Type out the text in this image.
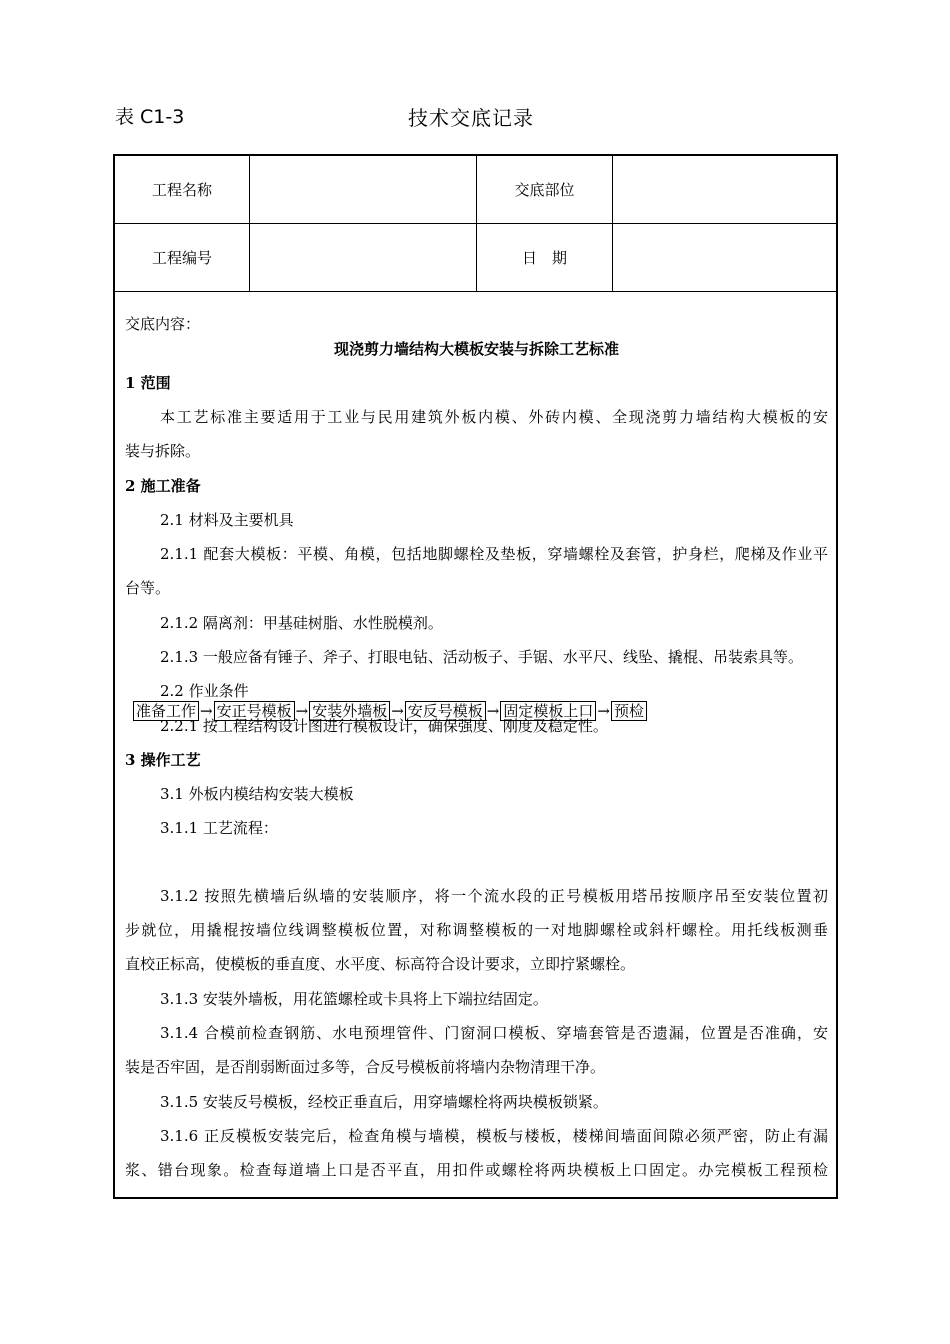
表 C1-3	技术交底记录
工程名称	交底部位
工程编号	日　期
交底内容：
现浇剪力墙结构大模板安装与拆除工艺标准
1 范围
本工艺标准主要适用于工业与民用建筑外板内模、外砖内模、全现浇剪力墙结构大模板的安
装与拆除。
2 施工准备
2.1 材料及主要机具
2.1.1 配套大模板：平模、角模，包括地脚螺栓及垫板，穿墙螺栓及套管，护身栏，爬梯及作业平
台等。
2.1.2 隔离剂：甲基硅树脂、水性脱模剂。
2.1.3 一般应备有锤子、斧子、打眼电钻、活动板子、手锯、水平尺、线坠、撬棍、吊装索具等。
2.2 作业条件
2.2.1 按工程结构设计图进行模板设计，确保强度、刚度及稳定性。
3 操作工艺
3.1 外板内模结构安装大模板
3.1.1 工艺流程：
准备工作 → 安正号模板 → 安装外墙板 → 安反号模板 → 固定模板上口 → 预检
3.1.2 按照先横墙后纵墙的安装顺序，将一个流水段的正号模板用塔吊按顺序吊至安装位置初
步就位，用撬棍按墙位线调整模板位置，对称调整模板的一对地脚螺栓或斜杆螺栓。用托线板测垂
直校正标高，使模板的垂直度、水平度、标高符合设计要求，立即拧紧螺栓。
3.1.3 安装外墙板，用花篮螺栓或卡具将上下端拉结固定。
3.1.4 合模前检查钢筋、水电预埋管件、门窗洞口模板、穿墙套管是否遗漏，位置是否准确，安
装是否牢固，是否削弱断面过多等，合反号模板前将墙内杂物清理干净。
3.1.5 安装反号模板，经校正垂直后，用穿墙螺栓将两块模板锁紧。
3.1.6 正反模板安装完后，检查角模与墙模，模板与楼板，楼梯间墙面间隙必须严密，防止有漏
浆、错台现象。检查每道墙上口是否平直，用扣件或螺栓将两块模板上口固定。办完模板工程预检
